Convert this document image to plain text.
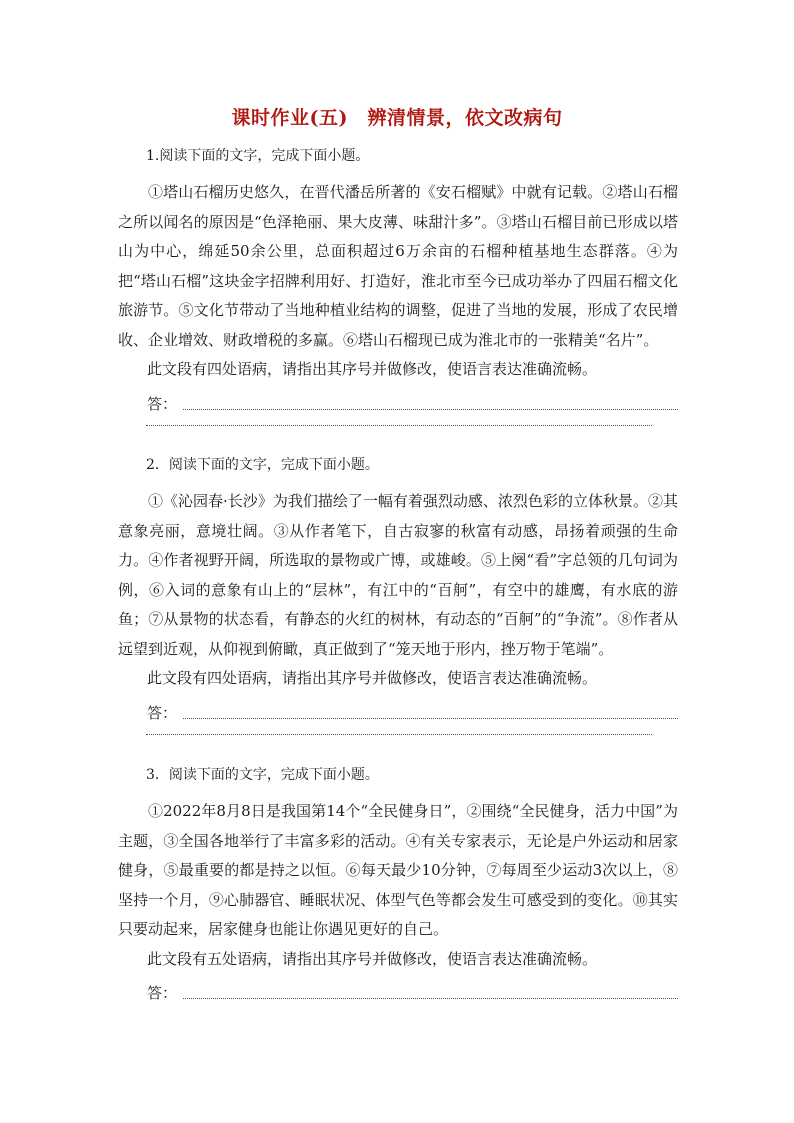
课时作业(五)　辨清情景，依文改病句

1.阅读下面的文字，完成下面小题。

①塔山石榴历史悠久，在晋代潘岳所著的《安石榴赋》中就有记载。②塔山石榴之所以闻名的原因是“色泽艳丽、果大皮薄、味甜汁多”。③塔山石榴目前已形成以塔山为中心，绵延50余公里，总面积超过6万余亩的石榴种植基地生态群落。④为把“塔山石榴”这块金字招牌利用好、打造好，淮北市至今已成功举办了四届石榴文化旅游节。⑤文化节带动了当地种植业结构的调整，促进了当地的发展，形成了农民增收、企业增效、财政增税的多赢。⑥塔山石榴现已成为淮北市的一张精美“名片”。

此文段有四处语病，请指出其序号并做修改，使语言表达准确流畅。

答：

2．阅读下面的文字，完成下面小题。

①《沁园春·长沙》为我们描绘了一幅有着强烈动感、浓烈色彩的立体秋景。②其意象亮丽，意境壮阔。③从作者笔下，自古寂寥的秋富有动感，昂扬着顽强的生命力。④作者视野开阔，所选取的景物或广博，或雄峻。⑤上阕“看”字总领的几句词为例，⑥入词的意象有山上的“层林”，有江中的“百舸”，有空中的雄鹰，有水底的游鱼；⑦从景物的状态看，有静态的火红的树林，有动态的“百舸”的“争流”。⑧作者从远望到近观，从仰视到俯瞰，真正做到了“笼天地于形内，挫万物于笔端”。

此文段有四处语病，请指出其序号并做修改，使语言表达准确流畅。

答：

3．阅读下面的文字，完成下面小题。

①2022年8月8日是我国第14个“全民健身日”，②围绕“全民健身，活力中国”为主题，③全国各地举行了丰富多彩的活动。④有关专家表示，无论是户外运动和居家健身，⑤最重要的都是持之以恒。⑥每天最少10分钟，⑦每周至少运动3次以上，⑧坚持一个月，⑨心肺器官、睡眠状况、体型气色等都会发生可感受到的变化。⑩其实只要动起来，居家健身也能让你遇见更好的自己。

此文段有五处语病，请指出其序号并做修改，使语言表达准确流畅。

答：
